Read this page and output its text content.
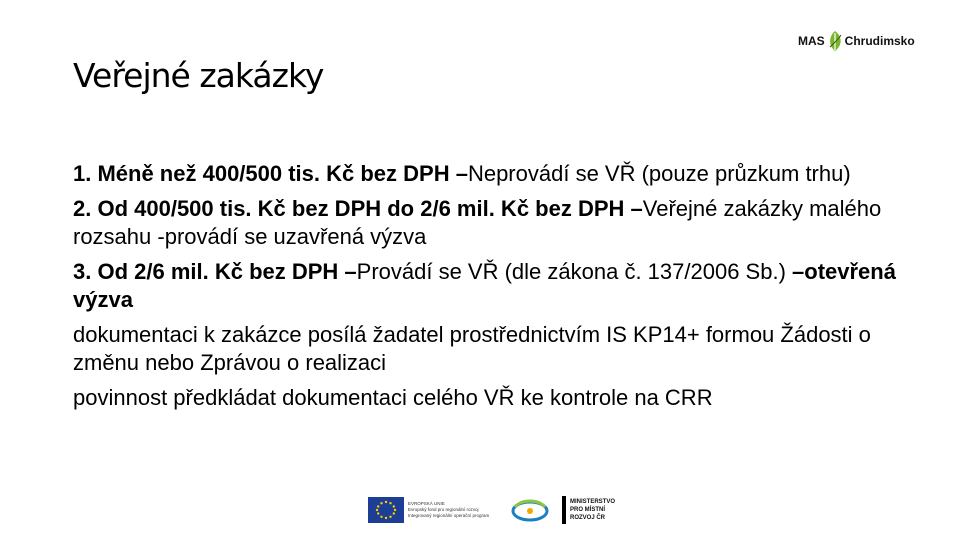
Veřejné zakázky
MAS Chrudimsko

1. Méně než 400/500 tis. Kč bez DPH –Neprovádí se VŘ (pouze průzkum trhu)

2. Od 400/500 tis. Kč bez DPH do 2/6 mil. Kč bez DPH –Veřejné zakázky malého rozsahu -provádí se uzavřená výzva

3. Od 2/6 mil. Kč bez DPH –Provádí se VŘ (dle zákona č. 137/2006 Sb.) –otevřená výzva

dokumentaci k zakázce posílá žadatel prostřednictvím IS KP14+ formou Žádosti o změnu nebo Zprávou o realizaci

povinnost předkládat dokumentaci celého VŘ ke kontrole na CRR

EVROPSKÁ UNIE
Evropský fond pro regionální rozvoj
Integrovaný regionální operační program
MINISTERSTVO
PRO MÍSTNÍ
ROZVOJ ČR
